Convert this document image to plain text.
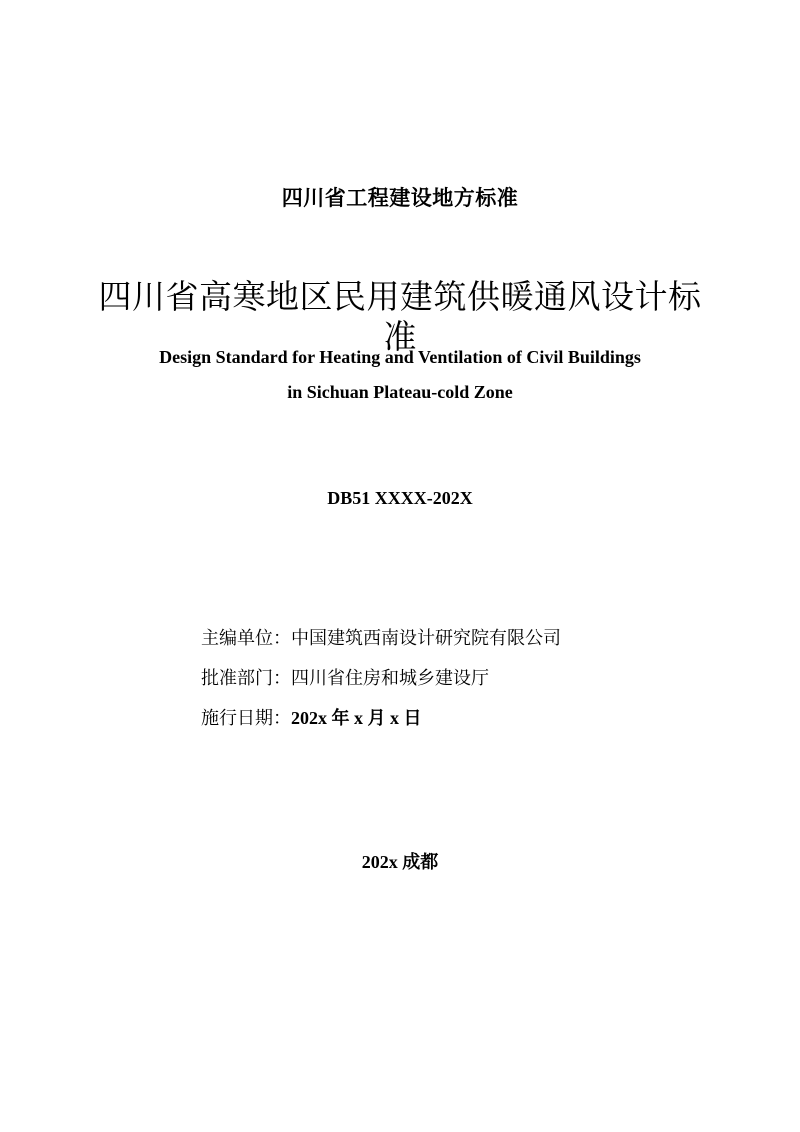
四川省工程建设地方标准
四川省高寒地区民用建筑供暖通风设计标
准
Design Standard for Heating and Ventilation of Civil Buildings
in Sichuan Plateau-cold Zone
DB51 XXXX-202X
主编单位：中国建筑西南设计研究院有限公司
批准部门：四川省住房和城乡建设厅
施行日期：202x 年 x 月 x 日
202x 成都
